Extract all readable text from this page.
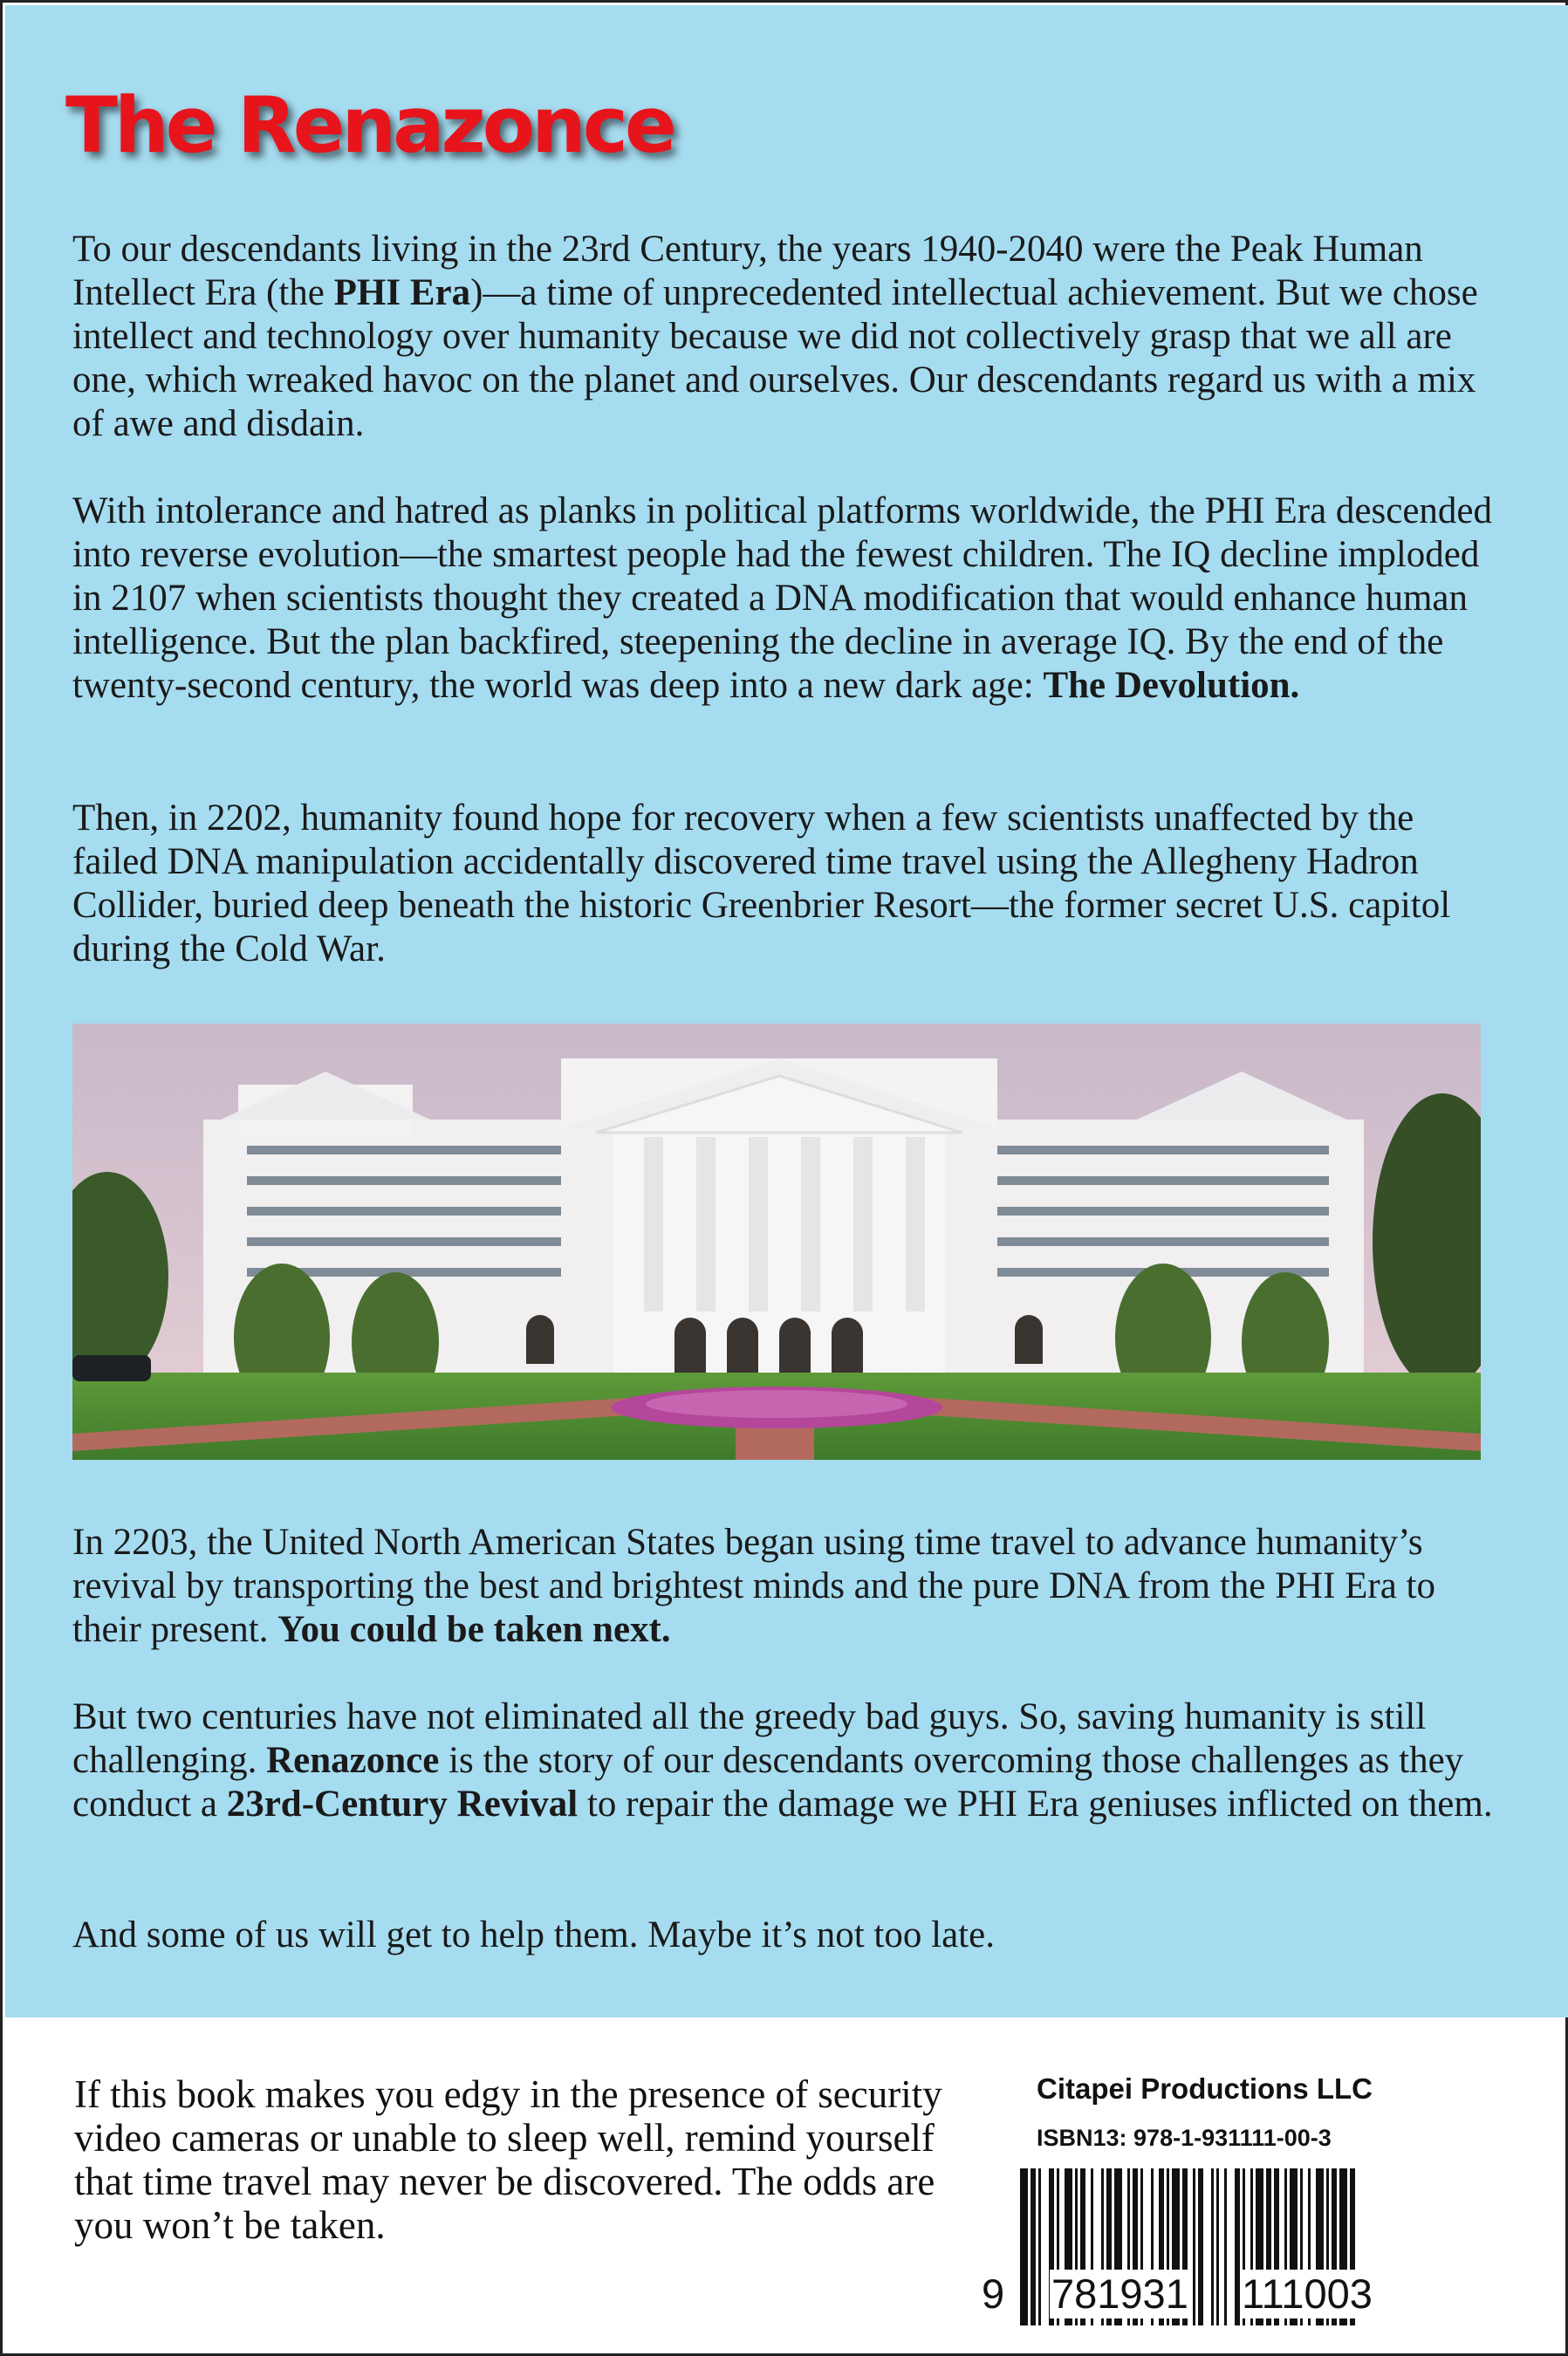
The Renazonce

To our descendants living in the 23rd Century, the years 1940-2040 were the Peak Human Intellect Era (the PHI Era)—a time of unprecedented intellectual achievement. But we chose intellect and technology over humanity because we did not collectively grasp that we all are one, which wreaked havoc on the planet and ourselves. Our descendants regard us with a mix of awe and disdain.

With intolerance and hatred as planks in political platforms worldwide, the PHI Era descended into reverse evolution—the smartest people had the fewest children. The IQ decline imploded in 2107 when scientists thought they created a DNA modification that would enhance human intelligence. But the plan backfired, steepening the decline in average IQ. By the end of the twenty-second century, the world was deep into a new dark age: The Devolution.

Then, in 2202, humanity found hope for recovery when a few scientists unaffected by the failed DNA manipulation accidentally discovered time travel using the Allegheny Hadron Collider, buried deep beneath the historic Greenbrier Resort—the former secret U.S. capitol during the Cold War.

In 2203, the United North American States began using time travel to advance humanity’s revival by transporting the best and brightest minds and the pure DNA from the PHI Era to their present. You could be taken next.

But two centuries have not eliminated all the greedy bad guys. So, saving humanity is still challenging. Renazonce is the story of our descendants overcoming those challenges as they conduct a 23rd-Century Revival to repair the damage we PHI Era geniuses inflicted on them.

And some of us will get to help them. Maybe it’s not too late.

If this book makes you edgy in the presence of security video cameras or unable to sleep well, remind yourself that time travel may never be discovered. The odds are you won’t be taken.

Citapei Productions LLC

ISBN13: 978-1-931111-00-3

9 781931 111003
